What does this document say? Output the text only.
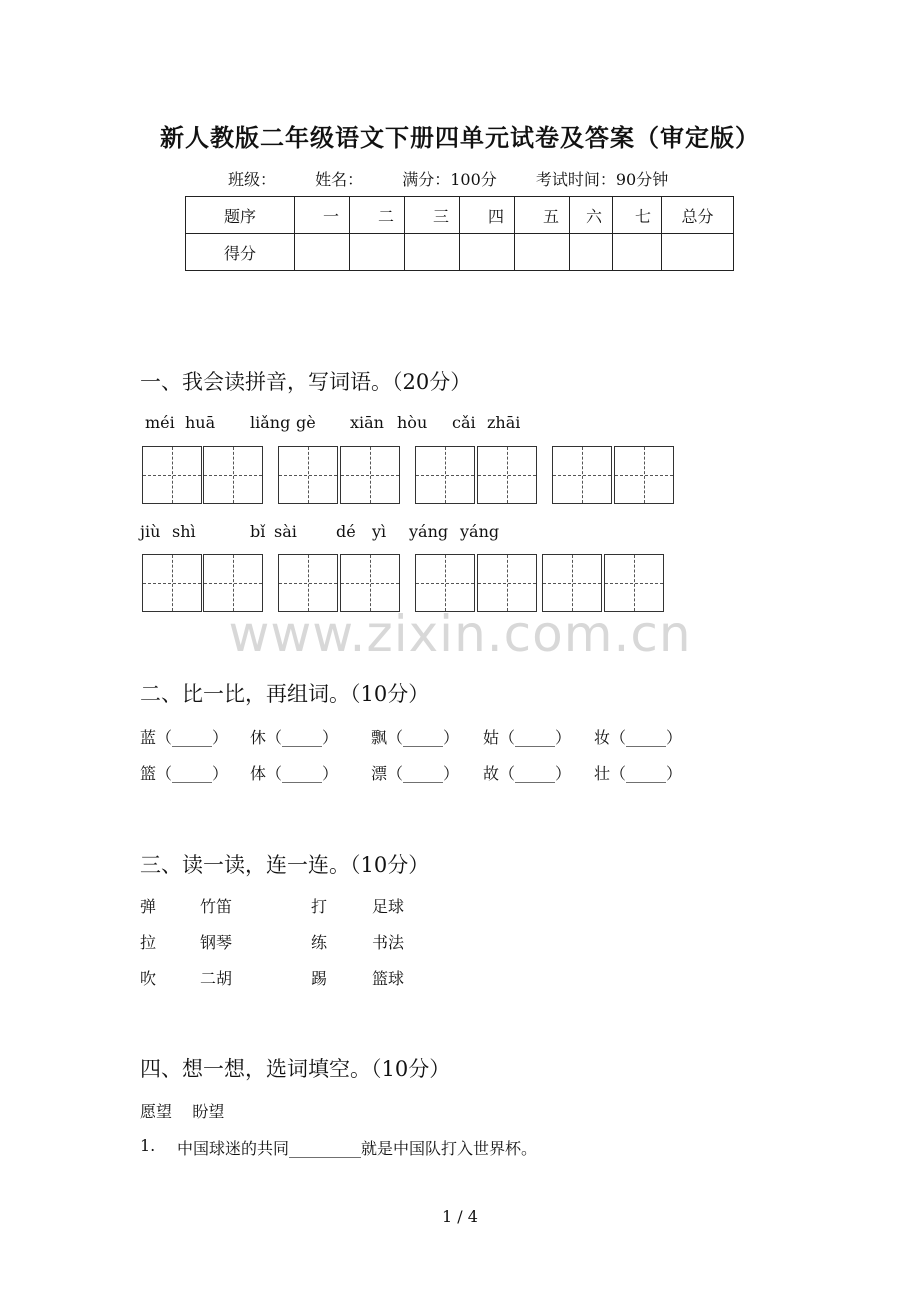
新人教版二年级语文下册四单元试卷及答案（审定版）
班级： 姓名： 满分：100分 考试时间：90分钟
题序	一	二	三	四	五	六	七	总分
得分								
一、我会读拼音，写词语。（20分）
méi huā liǎng gè xiān hòu cǎi zhāi
jiù shì	bǐ sài dé yì yáng yáng
www.zixin.com.cn
二、比一比，再组词。（10分）
蓝（_____） 休（_____） 飘（_____） 姑（_____） 妆（_____）
篮（_____） 体（_____） 漂（_____） 故（_____） 壮（_____）
三、读一读，连一连。（10分）
弹	竹笛	打	足球
拉	钢琴	练	书法
吹	二胡	踢	篮球
四、想一想，选词填空。（10分）
愿望    盼望
1. 中国球迷的共同_________就是中国队打入世界杯。
1 / 4
